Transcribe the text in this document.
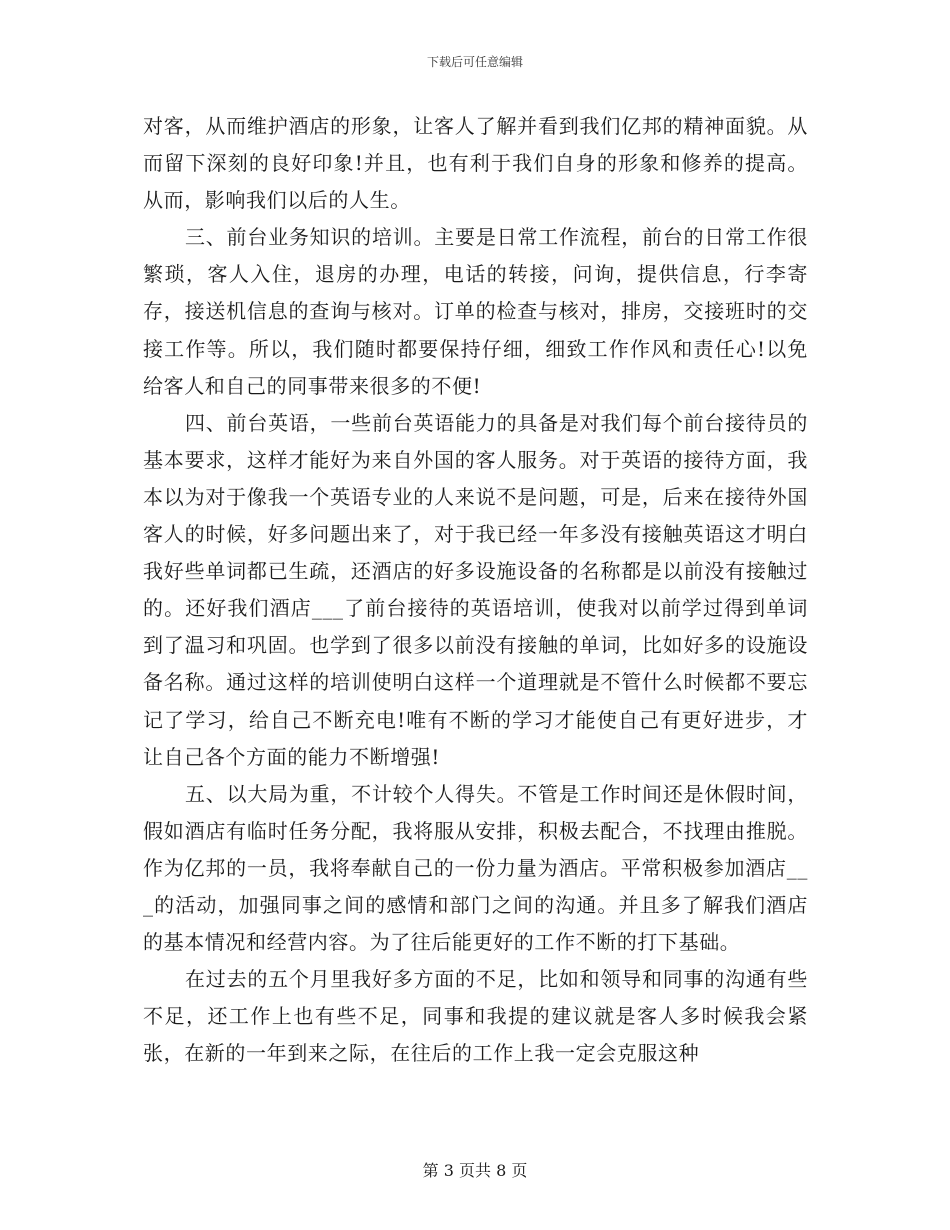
下载后可任意编辑

对客，从而维护酒店的形象，让客人了解并看到我们亿邦的精神面貌。从而留下深刻的良好印象!并且，也有利于我们自身的形象和修养的提高。从而，影响我们以后的人生。

三、前台业务知识的培训。主要是日常工作流程，前台的日常工作很繁琐，客人入住，退房的办理，电话的转接，问询，提供信息，行李寄存，接送机信息的查询与核对。订单的检查与核对，排房，交接班时的交接工作等。所以，我们随时都要保持仔细，细致工作作风和责任心!以免给客人和自己的同事带来很多的不便!

四、前台英语，一些前台英语能力的具备是对我们每个前台接待员的基本要求，这样才能好为来自外国的客人服务。对于英语的接待方面，我本以为对于像我一个英语专业的人来说不是问题，可是，后来在接待外国客人的时候，好多问题出来了，对于我已经一年多没有接触英语这才明白我好些单词都已生疏，还酒店的好多设施设备的名称都是以前没有接触过的。还好我们酒店___了前台接待的英语培训，使我对以前学过得到单词到了温习和巩固。也学到了很多以前没有接触的单词，比如好多的设施设备名称。通过这样的培训使明白这样一个道理就是不管什么时候都不要忘记了学习，给自己不断充电!唯有不断的学习才能使自己有更好进步，才让自己各个方面的能力不断增强!

五、以大局为重，不计较个人得失。不管是工作时间还是休假时间，假如酒店有临时任务分配，我将服从安排，积极去配合，不找理由推脱。作为亿邦的一员，我将奉献自己的一份力量为酒店。平常积极参加酒店___的活动，加强同事之间的感情和部门之间的沟通。并且多了解我们酒店的基本情况和经营内容。为了往后能更好的工作不断的打下基础。

在过去的五个月里我好多方面的不足，比如和领导和同事的沟通有些不足，还工作上也有些不足，同事和我提的建议就是客人多时候我会紧张，在新的一年到来之际，在往后的工作上我一定会克服这种

第 3 页共 8 页
